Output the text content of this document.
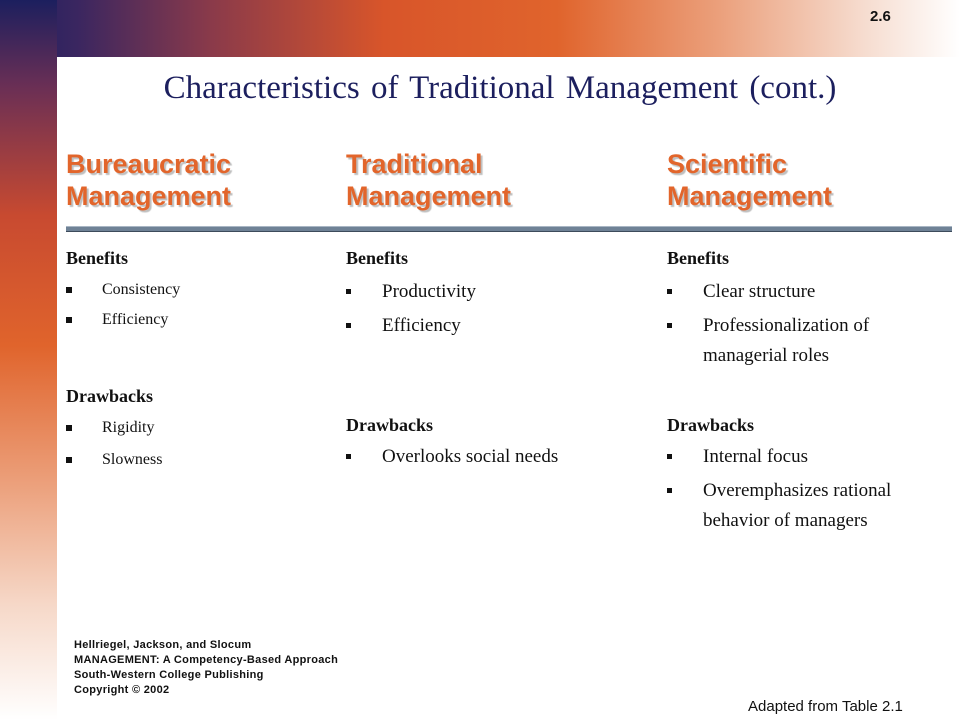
2.6
Characteristics of Traditional Management (cont.)
Bureaucratic
Management
Traditional
Management
Scientific
Management
Benefits
Consistency
Efficiency
Drawbacks
Rigidity
Slowness
Benefits
Productivity
Efficiency
Drawbacks
Overlooks social needs
Benefits
Clear structure
Professionalization of managerial roles
Drawbacks
Internal focus
Overemphasizes rational behavior of managers
Hellriegel, Jackson, and Slocum
MANAGEMENT: A Competency-Based Approach
South-Western College Publishing
Copyright © 2002
Adapted from Table 2.1
